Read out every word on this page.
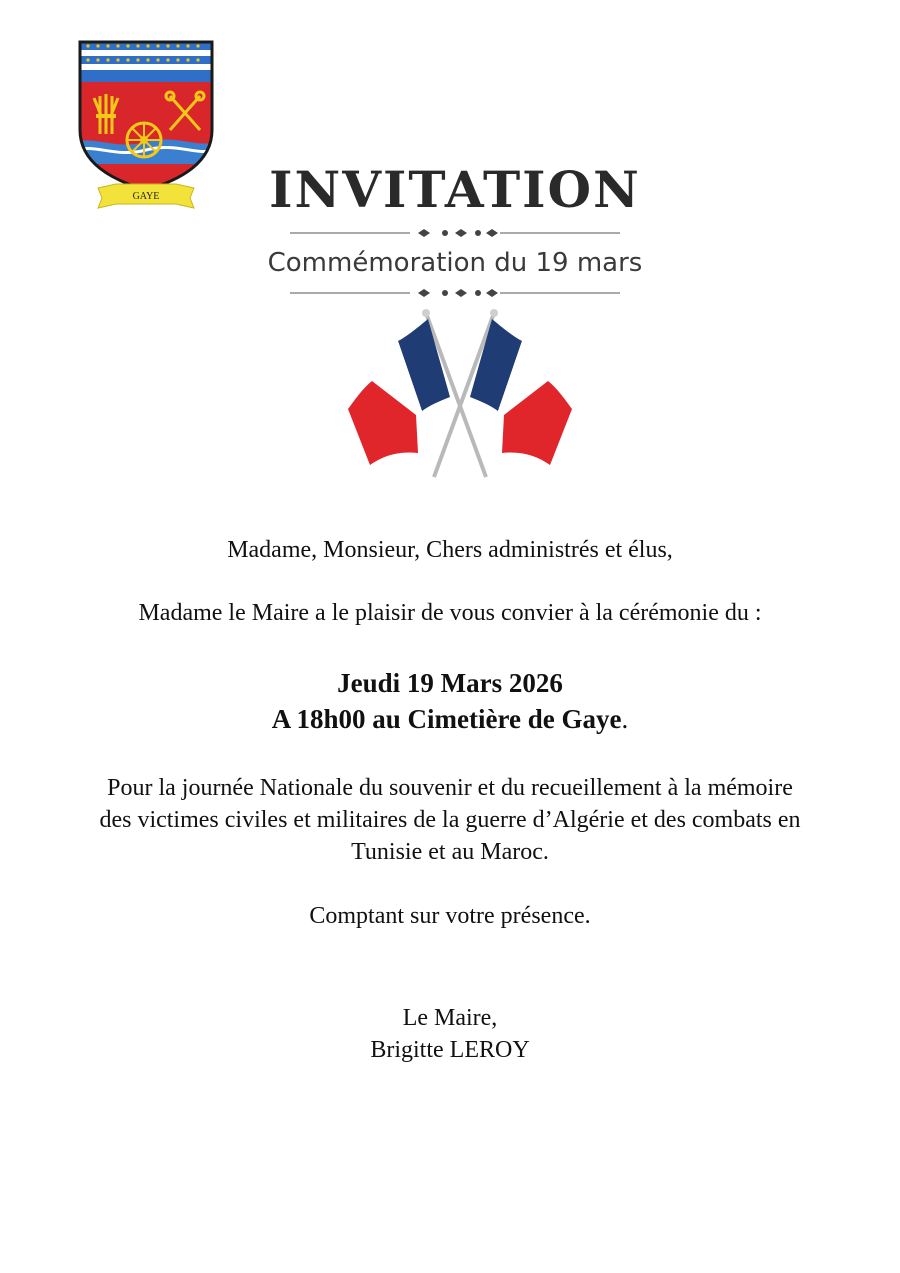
GAYE	INVITATION

Commémoration du 19 mars

Madame, Monsieur, Chers administrés et élus,
Madame le Maire a le plaisir de vous convier à la cérémonie du :
Jeudi 19 Mars 2026
A 18h00 au Cimetière de Gaye.
Pour la journée Nationale du souvenir et du recueillement à la mémoire
des victimes civiles et militaires de la guerre d’Algérie et des combats en
Tunisie et au Maroc.
Comptant sur votre présence.
Le Maire,
Brigitte LEROY
